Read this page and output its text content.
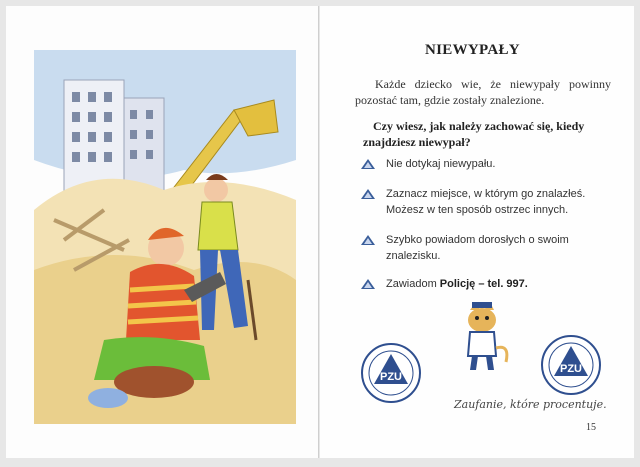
NIEWYPAŁY
Każde dziecko wie, że niewypały powinny pozostać tam, gdzie zostały znalezione.
Czy wiesz, jak należy zachować się, kiedy znajdziesz niewypał?
Nie dotykaj niewypału.
Zaznacz miejsce, w którym go znalazłeś. Możesz w ten sposób ostrzec innych.
Szybko powiadom dorosłych o swoim znalezisku.
Zawiadom Policję – tel. 997.
PZU
PZU
Zaufanie, które procentuje.
15
